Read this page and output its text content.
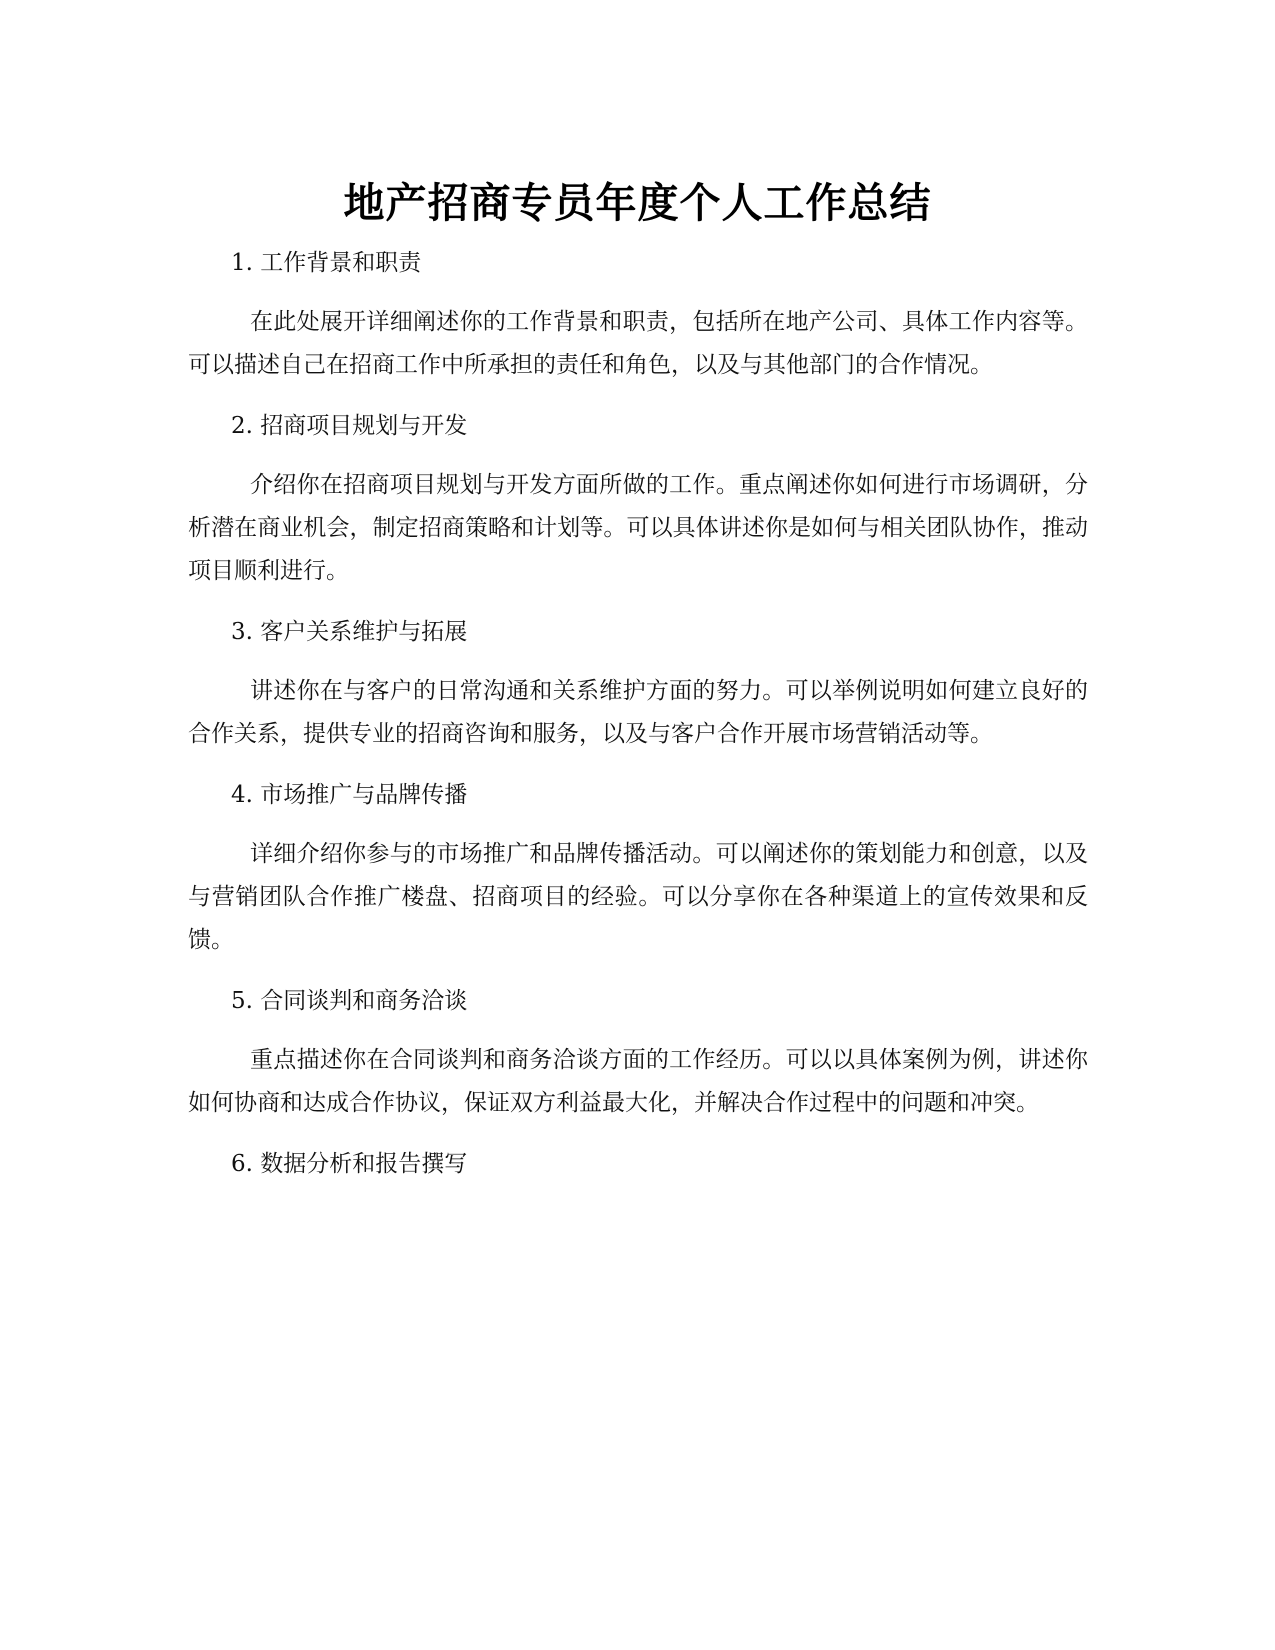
地产招商专员年度个人工作总结

1. 工作背景和职责

在此处展开详细阐述你的工作背景和职责，包括所在地产公司、具体工作内容等。可以描述自己在招商工作中所承担的责任和角色，以及与其他部门的合作情况。

2. 招商项目规划与开发

介绍你在招商项目规划与开发方面所做的工作。重点阐述你如何进行市场调研，分析潜在商业机会，制定招商策略和计划等。可以具体讲述你是如何与相关团队协作，推动项目顺利进行。

3. 客户关系维护与拓展

讲述你在与客户的日常沟通和关系维护方面的努力。可以举例说明如何建立良好的合作关系，提供专业的招商咨询和服务，以及与客户合作开展市场营销活动等。

4. 市场推广与品牌传播

详细介绍你参与的市场推广和品牌传播活动。可以阐述你的策划能力和创意，以及与营销团队合作推广楼盘、招商项目的经验。可以分享你在各种渠道上的宣传效果和反馈。

5. 合同谈判和商务洽谈

重点描述你在合同谈判和商务洽谈方面的工作经历。可以以具体案例为例，讲述你如何协商和达成合作协议，保证双方利益最大化，并解决合作过程中的问题和冲突。

6. 数据分析和报告撰写
